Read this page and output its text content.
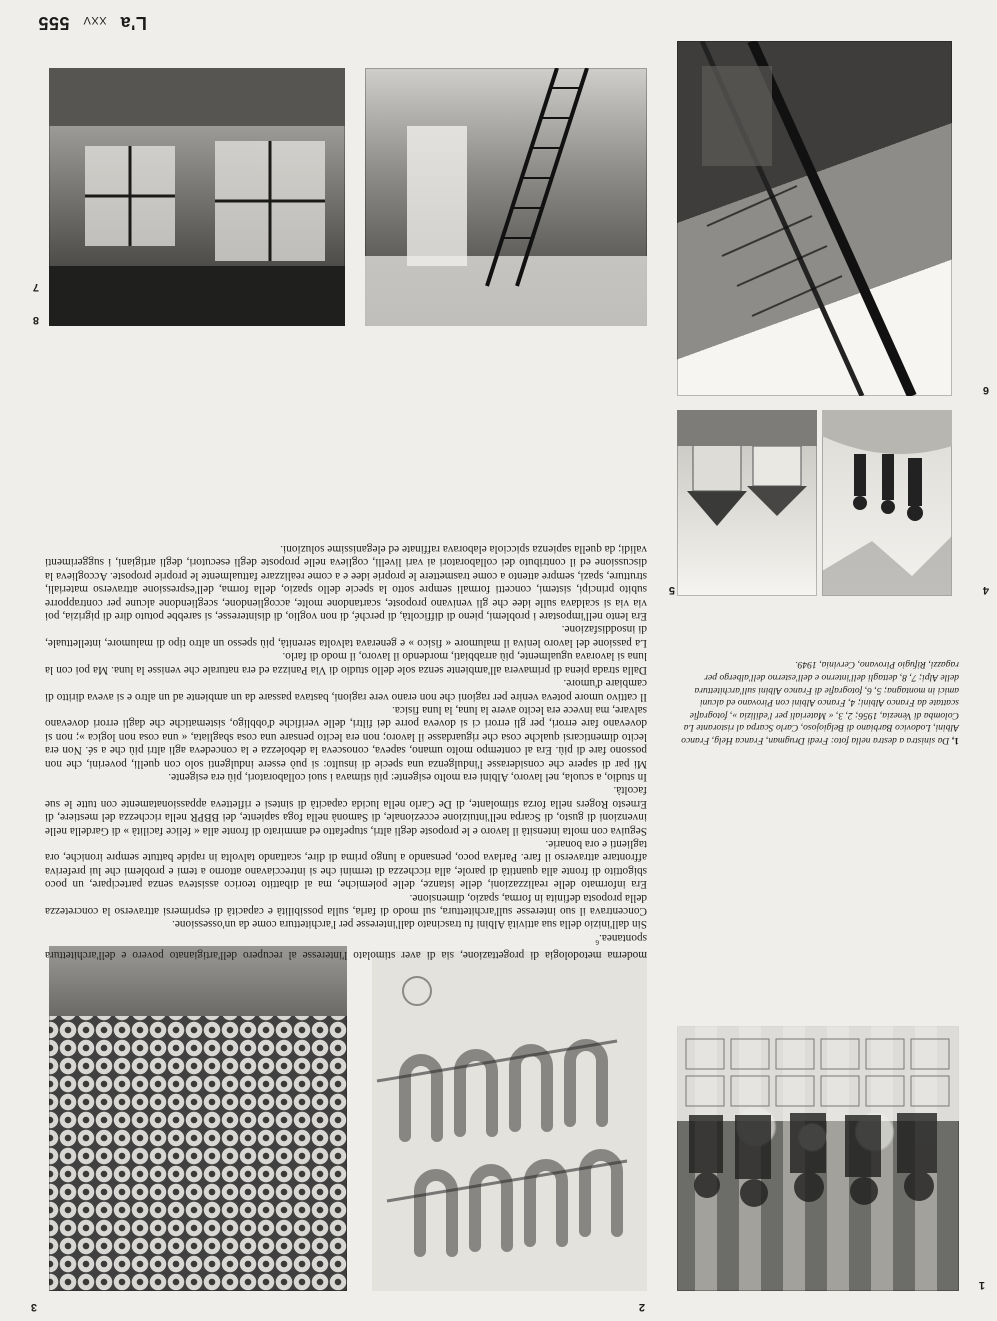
L'a XXV 555
1
2
3
1, Da sinistra a destra nella foto: Fredi Drugman, Franca Helg, Franco Albini, Lodovico Barbiano di Belgiojoso, Carlo Scarpa al ristorante La Colomba di Venezia, 1956; 2, 3, « Materiali per l'edilizia », fotografie scattate da Franco Albini; 4, Franco Albini con Pirovano ed alcuni amici in montagna; 5, 6, fotografie di Franco Albini sull'architettura delle Alpi; 7, 8, dettagli dell'interno e dell'esterno dell'albergo per ragazzi, Rifugio Pirovano, Cervinia, 1949.

moderna metodologia di progettazione, sia di aver stimolato l'interesse al recupero dell'artigianato povero e dell'architettura spontanea.$^6$

Sin dall'inizio della sua attività Albini fu trascinato dall'interesse per l'architettura come da un'ossessione.

Concentrava il suo interesse sull'architettura, sul modo di farla, sulla possibilità e capacità di esprimersi attraverso la concretezza della proposta definita in forma, spazio, dimensione.

Era informato delle realizzazioni, delle istanze, delle polemiche, ma al dibattito teorico assisteva senza partecipare, un poco sbigottito di fronte alla quantità di parole, alla ricchezza di termini che si intrecciavano attorno a temi e problemi che lui preferiva affrontare attraverso il fare. Parlava poco, pensando a lungo prima di dire, scattando talvolta in rapide battute sempre ironiche, ora taglienti e ora bonarie.

Seguiva con molta intensità il lavoro e le proposte degli altri, stupefatto ed ammirato di fronte alla « felice facilità » di Gardella nelle invenzioni di gusto, di Scarpa nell'intuizione eccezionale, di Samonà nella foga sapiente, dei BBPR nella ricchezza del mestiere, di Ernesto Rogers nella forza stimolante, di De Carlo nella lucida capacità di sintesi e rifletteva appassionatamente con tutte le sue facoltà.

In studio, a scuola, nel lavoro, Albini era molto esigente: più stimava i suoi collaboratori, più era esigente.

Mi par di sapere che considerasse l'indulgenza una specie di insulto: si può essere indulgenti solo con quelli, poverini, che non possono fare di più. Era al contempo molto umano, sapeva, conosceva la debolezza e la concedeva agli altri più che a sé. Non era lecito dimenticarsi qualche cosa che riguardasse il lavoro; non era lecito pensare una cosa sbagliata, « una cosa non logica »; non si dovevano fare errori, per gli errori ci si doveva porre dei filtri, delle verifiche d'obbligo, sistematiche che dagli errori dovevano salvare, ma invece era lecito avere la luna, la luna fisica.

Il cattivo umore poteva venire per ragioni che non erano vere ragioni, bastava passare da un ambiente ad un altro e si aveva diritto di cambiare d'umore.

Dalla strada piena di primavera all'ambiente senza sole dello studio di Via Panizza ed era naturale che venisse la luna. Ma poi con la luna si lavorava ugualmente, più arrabbiati, mordendo il lavoro, il modo di farlo.

La passione del lavoro leniva il malumore « fisico » e generava talvolta serenità, più spesso un altro tipo di malumore, intellettuale, di insoddisfazione.

Era lento nell'impostare i problemi, pieno di difficoltà, di perché, di non voglio, di disinteresse, si sarebbe potuto dire di pigrizia, poi via via si scaldava sulle idee che gli venivano proposte, scartandone molte, accogliendone, scegliendone alcune per contrapporre subito principi, sistemi, concetti formali sempre sotto la specie dello spazio, della forma, dell'espressione attraverso materiali, strutture, spazi, sempre attento a come trasmettere le proprie idee e a come realizzare fattualmente le proprie proposte. Accoglieva la discussione ed il contributo dei collaboratori ai vari livelli, coglieva nelle proposte degli esecutori, degli artigiani, i suggerimenti validi; da quella sapienza spicciola elaborava raffinate ed eleganissime soluzioni.

4
5
6
8
7
